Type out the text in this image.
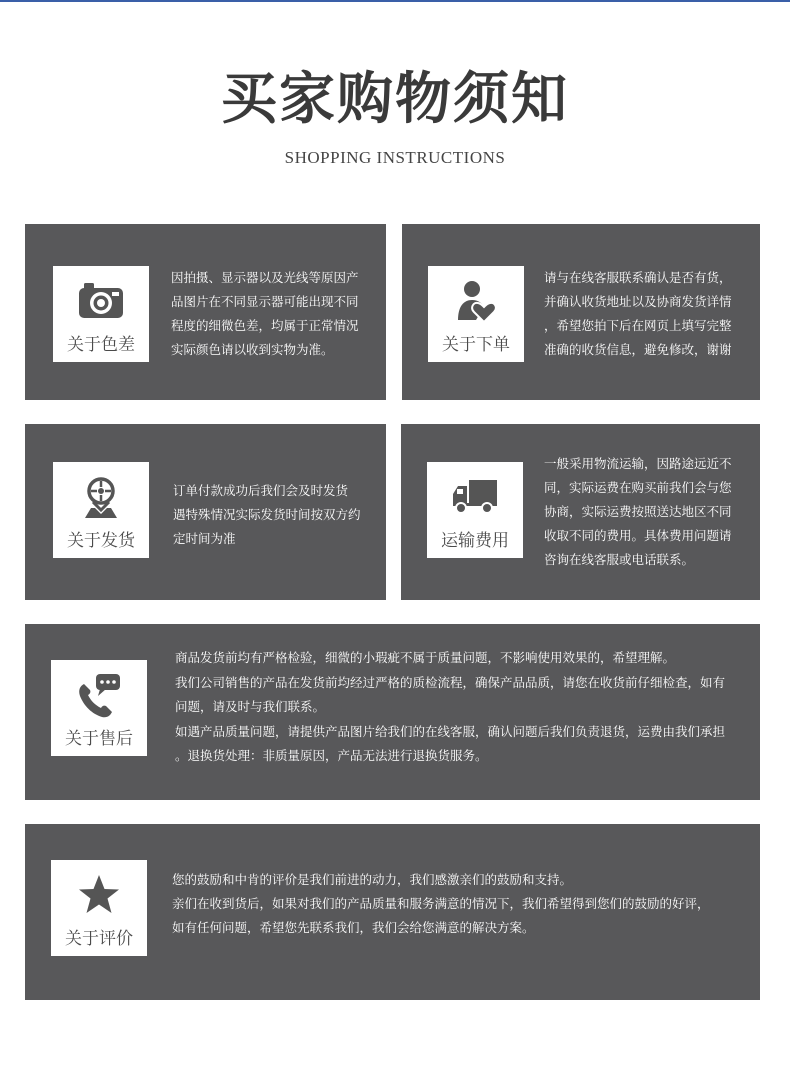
买家购物须知
SHOPPING INSTRUCTIONS
关于色差
因拍摄、显示器以及光线等原因产
品图片在不同显示器可能出现不同
程度的细微色差，均属于正常情况
实际颜色请以收到实物为准。	关于下单
请与在线客服联系确认是否有货，
并确认收货地址以及协商发货详情
，希望您拍下后在网页上填写完整
准确的收货信息，避免修改，谢谢
关于发货
订单付款成功后我们会及时发货
遇特殊情况实际发货时间按双方约
定时间为准	运输费用
一般采用物流运输，因路途远近不
同，实际运费在购买前我们会与您
协商，实际运费按照送达地区不同
收取不同的费用。具体费用问题请
咨询在线客服或电话联系。
关于售后
商品发货前均有严格检验，细微的小瑕疵不属于质量问题，不影响使用效果的，希望理解。
我们公司销售的产品在发货前均经过严格的质检流程，确保产品品质，请您在收货前仔细检查，如有
问题，请及时与我们联系。
如遇产品质量问题，请提供产品图片给我们的在线客服，确认问题后我们负责退货，运费由我们承担
。退换货处理：非质量原因，产品无法进行退换货服务。
关于评价
您的鼓励和中肯的评价是我们前进的动力，我们感激亲们的鼓励和支持。
亲们在收到货后，如果对我们的产品质量和服务满意的情况下，我们希望得到您们的鼓励的好评，
如有任何问题，希望您先联系我们，我们会给您满意的解决方案。
